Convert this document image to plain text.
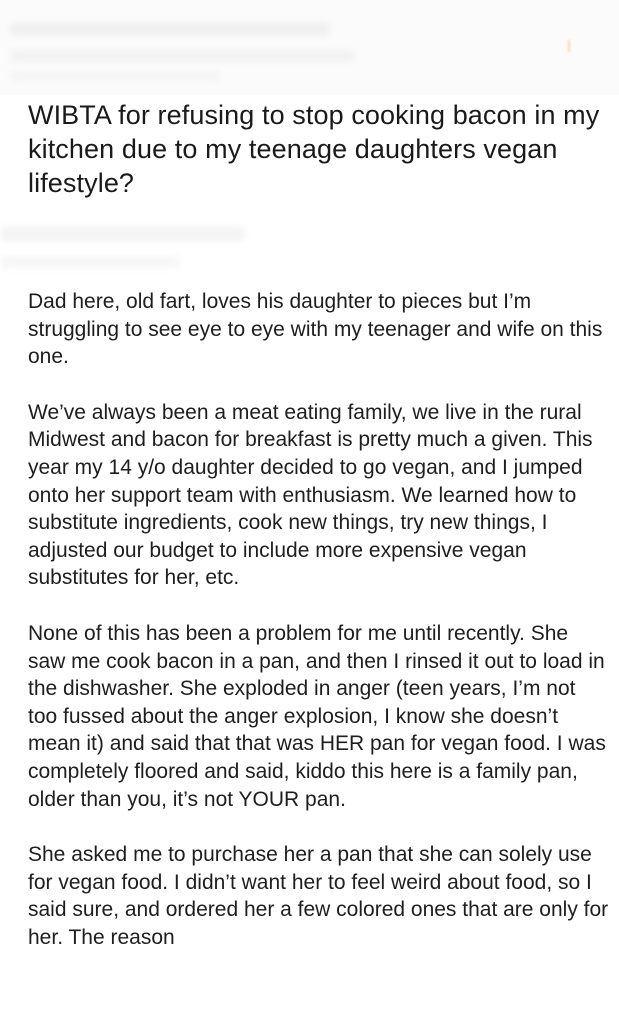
WIBTA for refusing to stop cooking bacon in my kitchen due to my teenage daughters vegan lifestyle?

Dad here, old fart, loves his daughter to pieces but I’m struggling to see eye to eye with my teenager and wife on this one.

We’ve always been a meat eating family, we live in the rural Midwest and bacon for breakfast is pretty much a given. This year my 14 y/o daughter decided to go vegan, and I jumped onto her support team with enthusiasm. We learned how to substitute ingredients, cook new things, try new things, I adjusted our budget to include more expensive vegan substitutes for her, etc.

None of this has been a problem for me until recently. She saw me cook bacon in a pan, and then I rinsed it out to load in the dishwasher. She exploded in anger (teen years, I’m not too fussed about the anger explosion, I know she doesn’t mean it) and said that that was HER pan for vegan food. I was completely floored and said, kiddo this here is a family pan, older than you, it’s not YOUR pan.

She asked me to purchase her a pan that she can solely use for vegan food. I didn’t want her to feel weird about food, so I said sure, and ordered her a few colored ones that are only for her. The reason
